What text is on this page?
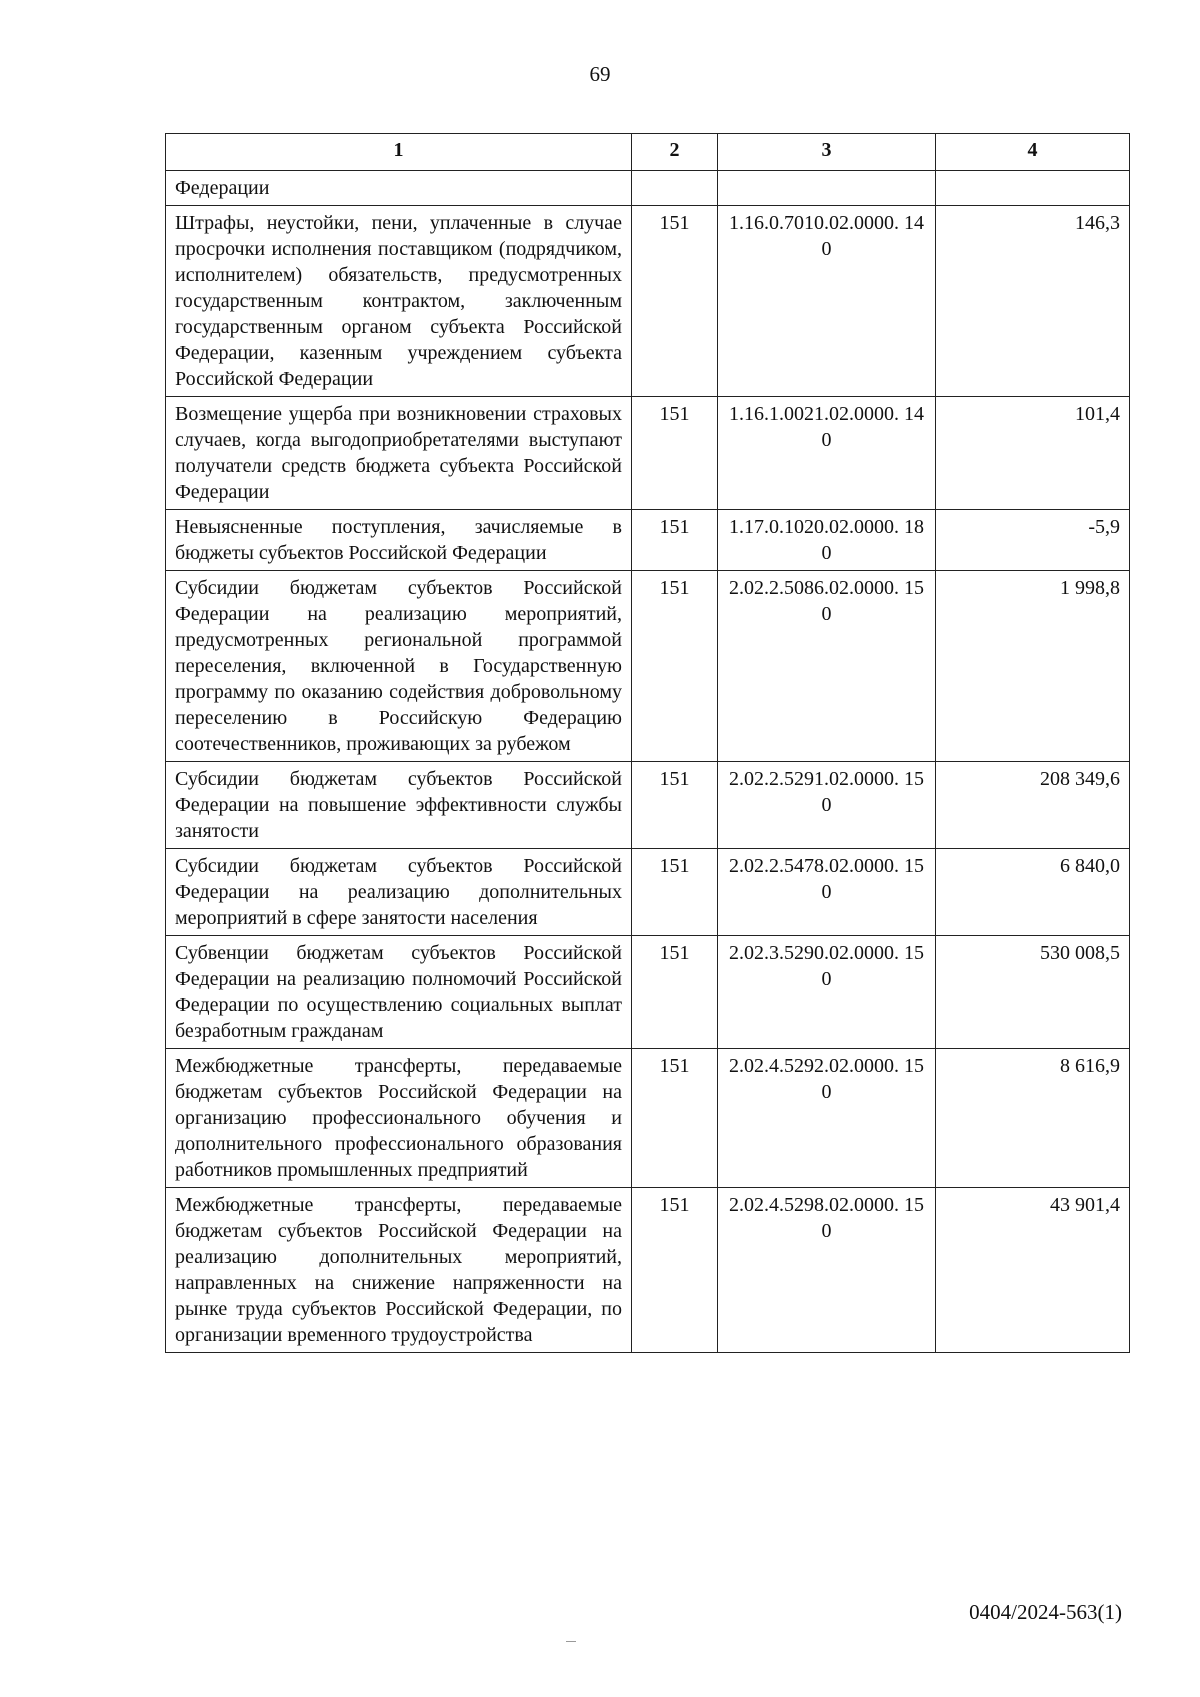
69
1	2	3	4
Федерации			
Штрафы, неустойки, пени, уплаченные в случае просрочки исполнения поставщиком (подрядчиком, исполнителем) обязательств, предусмотренных государственным контрактом, заключенным государственным органом субъекта Российской Федерации, казенным учреждением субъекта Российской Федерации	151	1.16.0.7010.02.0000. 140	146,3
Возмещение ущерба при возникновении страховых случаев, когда выгодоприобретателями выступают получатели средств бюджета субъекта Российской Федерации	151	1.16.1.0021.02.0000. 140	101,4
Невыясненные поступления, зачисляемые в бюджеты субъектов Российской Федерации	151	1.17.0.1020.02.0000. 180	-5,9
Субсидии бюджетам субъектов Российской Федерации на реализацию мероприятий, предусмотренных региональной программой переселения, включенной в Государственную программу по оказанию содействия добровольному переселению в Российскую Федерацию соотечественников, проживающих за рубежом	151	2.02.2.5086.02.0000. 150	1 998,8
Субсидии бюджетам субъектов Российской Федерации на повышение эффективности службы занятости	151	2.02.2.5291.02.0000. 150	208 349,6
Субсидии бюджетам субъектов Российской Федерации на реализацию дополнительных мероприятий в сфере занятости населения	151	2.02.2.5478.02.0000. 150	6 840,0
Субвенции бюджетам субъектов Российской Федерации на реализацию полномочий Российской Федерации по осуществлению социальных выплат безработным гражданам	151	2.02.3.5290.02.0000. 150	530 008,5
Межбюджетные трансферты, передаваемые бюджетам субъектов Российской Федерации на организацию профессионального обучения и дополнительного профессионального образования работников промышленных предприятий	151	2.02.4.5292.02.0000. 150	8 616,9
Межбюджетные трансферты, передаваемые бюджетам субъектов Российской Федерации на реализацию дополнительных мероприятий, направленных на снижение напряженности на рынке труда субъектов Российской Федерации, по организации временного трудоустройства	151	2.02.4.5298.02.0000. 150	43 901,4
0404/2024-563(1)
